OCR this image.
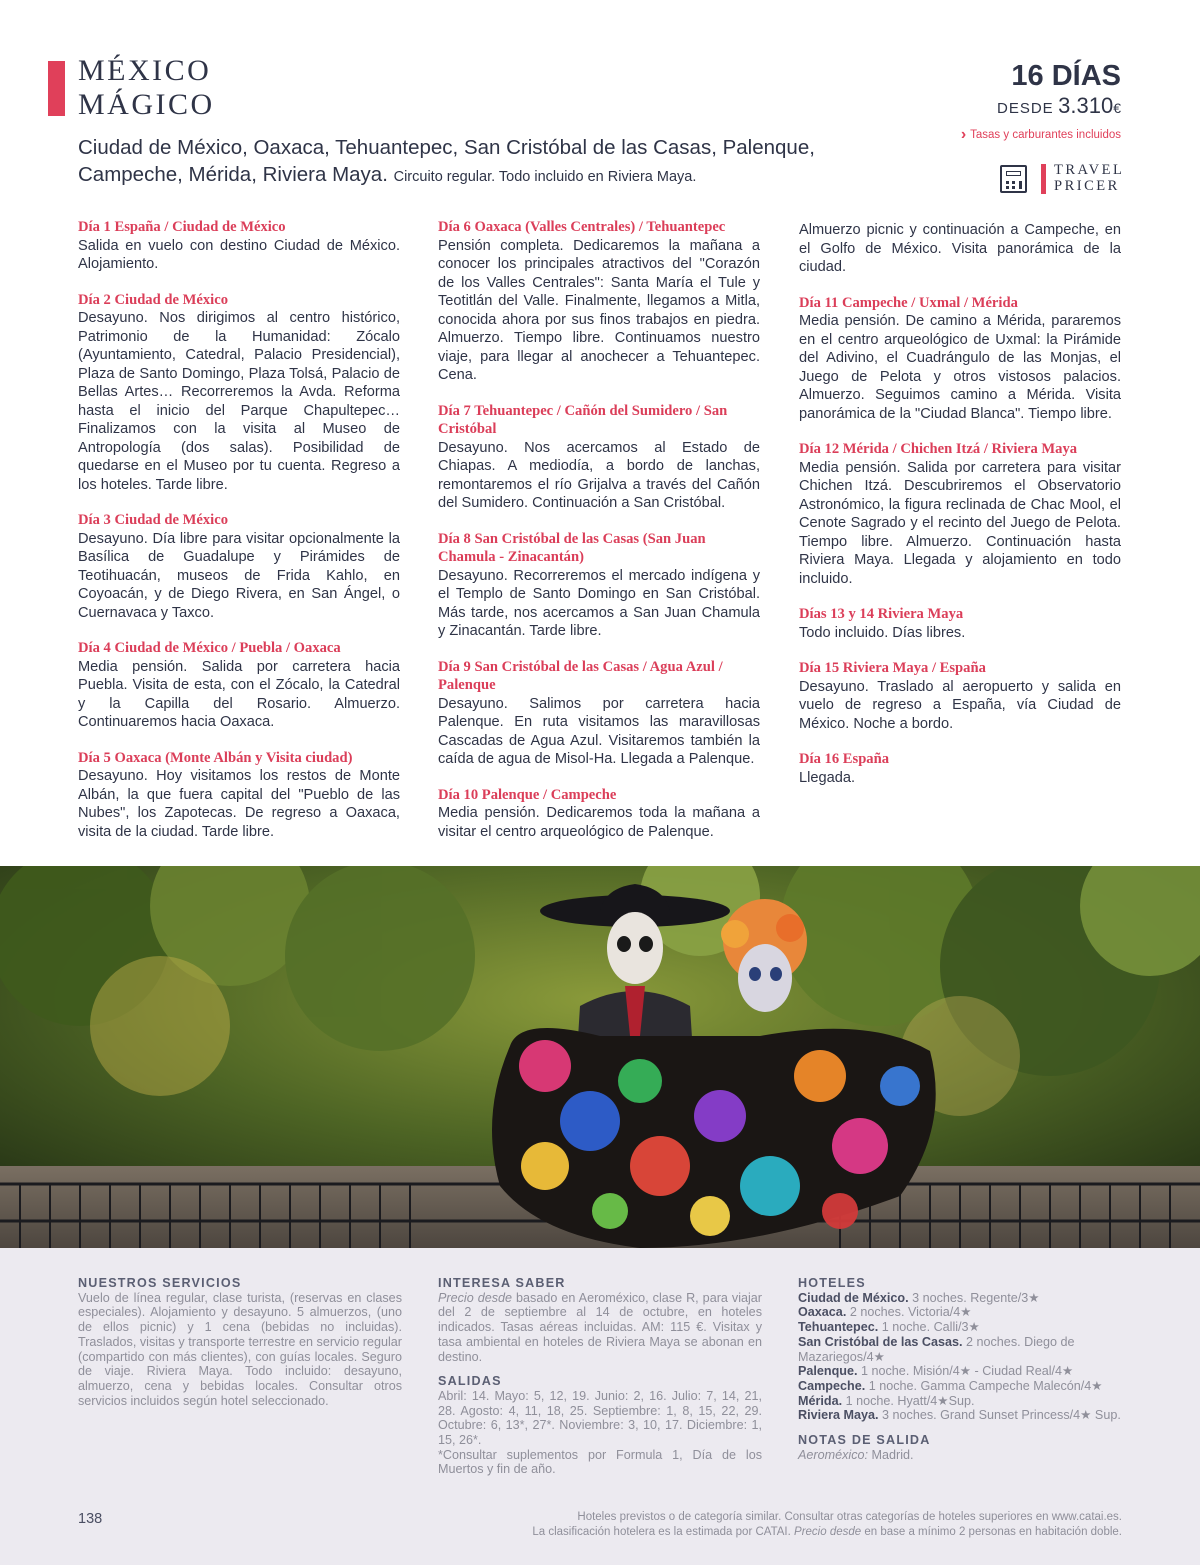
MÉXICO
MÁGICO
Ciudad de México, Oaxaca, Tehuantepec, San Cristóbal de las Casas, Palenque, Campeche, Mérida, Riviera Maya. Circuito regular. Todo incluido en Riviera Maya.
16 DÍAS
DESDE 3.310€
› Tasas y carburantes incluidos
TRAVEL
PRICER
Día 1 España / Ciudad de México

Salida en vuelo con destino Ciudad de México. Alojamiento.

Día 2 Ciudad de México

Desayuno. Nos dirigimos al centro histórico, Patrimonio de la Humanidad: Zócalo (Ayuntamiento, Catedral, Palacio Presidencial), Plaza de Santo Domingo, Plaza Tolsá, Palacio de Bellas Artes… Recorreremos la Avda. Reforma hasta el inicio del Parque Chapultepec… Finalizamos con la visita al Museo de Antropología (dos salas). Posibilidad de quedarse en el Museo por tu cuenta. Regreso a los hoteles. Tarde libre.

Día 3 Ciudad de México

Desayuno. Día libre para visitar opcionalmente la Basílica de Guadalupe y Pirámides de Teotihuacán, museos de Frida Kahlo, en Coyoacán, y de Diego Rivera, en San Ángel, o Cuernavaca y Taxco.

Día 4 Ciudad de México / Puebla / Oaxaca

Media pensión. Salida por carretera hacia Puebla. Visita de esta, con el Zócalo, la Catedral y la Capilla del Rosario. Almuerzo. Continuaremos hacia Oaxaca.

Día 5 Oaxaca (Monte Albán y Visita ciudad)

Desayuno. Hoy visitamos los restos de Monte Albán, la que fuera capital del "Pueblo de las Nubes", los Zapotecas. De regreso a Oaxaca, visita de la ciudad. Tarde libre.

Día 6 Oaxaca (Valles Centrales) / Tehuantepec

Pensión completa. Dedicaremos la mañana a conocer los principales atractivos del "Corazón de los Valles Centrales": Santa María el Tule y Teotitlán del Valle. Finalmente, llegamos a Mitla, conocida ahora por sus finos trabajos en piedra. Almuerzo. Tiempo libre. Continuamos nuestro viaje, para llegar al anochecer a Tehuantepec. Cena.

Día 7 Tehuantepec / Cañón del Sumidero / San Cristóbal

Desayuno. Nos acercamos al Estado de Chiapas. A mediodía, a bordo de lanchas, remontaremos el río Grijalva a través del Cañón del Sumidero. Continuación a San Cristóbal.

Día 8 San Cristóbal de las Casas (San Juan Chamula - Zinacantán)

Desayuno. Recorreremos el mercado indígena y el Templo de Santo Domingo en San Cristóbal. Más tarde, nos acercamos a San Juan Chamula y Zinacantán. Tarde libre.

Día 9 San Cristóbal de las Casas / Agua Azul / Palenque

Desayuno. Salimos por carretera hacia Palenque. En ruta visitamos las maravillosas Cascadas de Agua Azul. Visitaremos también la caída de agua de Misol-Ha. Llegada a Palenque.

Día 10 Palenque / Campeche

Media pensión. Dedicaremos toda la mañana a visitar el centro arqueológico de Palenque.

Almuerzo picnic y continuación a Campeche, en el Golfo de México. Visita panorámica de la ciudad.

Día 11 Campeche / Uxmal / Mérida

Media pensión. De camino a Mérida, pararemos en el centro arqueológico de Uxmal: la Pirámide del Adivino, el Cuadrángulo de las Monjas, el Juego de Pelota y otros vistosos palacios. Almuerzo. Seguimos camino a Mérida. Visita panorámica de la "Ciudad Blanca". Tiempo libre.

Día 12 Mérida / Chichen Itzá / Riviera Maya

Media pensión. Salida por carretera para visitar Chichen Itzá. Descubriremos el Observatorio Astronómico, la figura reclinada de Chac Mool, el Cenote Sagrado y el recinto del Juego de Pelota. Tiempo libre. Almuerzo. Continuación hasta Riviera Maya. Llegada y alojamiento en todo incluido.

Días 13 y 14 Riviera Maya

Todo incluido. Días libres.

Día 15 Riviera Maya / España

Desayuno. Traslado al aeropuerto y salida en vuelo de regreso a España, vía Ciudad de México. Noche a bordo.

Día 16 España

Llegada.

NUESTROS SERVICIOS

Vuelo de línea regular, clase turista, (reservas en clases especiales). Alojamiento y desayuno. 5 almuerzos, (uno de ellos picnic) y 1 cena (bebidas no incluidas). Traslados, visitas y transporte terrestre en servicio regular (compartido con más clientes), con guías locales. Seguro de viaje. Riviera Maya. Todo incluido: desayuno, almuerzo, cena y bebidas locales. Consultar otros servicios incluidos según hotel seleccionado.

INTERESA SABER

Precio desde basado en Aeroméxico, clase R, para viajar del 2 de septiembre al 14 de octubre, en hoteles indicados. Tasas aéreas incluidas. AM: 115 €. Visitax y tasa ambiental en hoteles de Riviera Maya se abonan en destino.

SALIDAS

Abril: 14. Mayo: 5, 12, 19. Junio: 2, 16. Julio: 7, 14, 21, 28. Agosto: 4, 11, 18, 25. Septiembre: 1, 8, 15, 22, 29. Octubre: 6, 13*, 27*. Noviembre: 3, 10, 17. Diciembre: 1, 15, 26*.

*Consultar suplementos por Formula 1, Día de los Muertos y fin de año.

HOTELES
Ciudad de México. 3 noches. Regente/3★
Oaxaca. 2 noches. Victoria/4★
Tehuantepec. 1 noche. Calli/3★
San Cristóbal de las Casas. 2 noches. Diego de Mazariegos/4★
Palenque. 1 noche. Misión/4★ - Ciudad Real/4★
Campeche. 1 noche. Gamma Campeche Malecón/4★
Mérida. 1 noche. Hyatt/4★Sup.
Riviera Maya. 3 noches. Grand Sunset Princess/4★ Sup.
NOTAS DE SALIDA

Aeroméxico: Madrid.

138	Hoteles previstos o de categoría similar. Consultar otras categorías de hoteles superiores en www.catai.es.
La clasificación hotelera es la estimada por CATAI. Precio desde en base a mínimo 2 personas en habitación doble.
